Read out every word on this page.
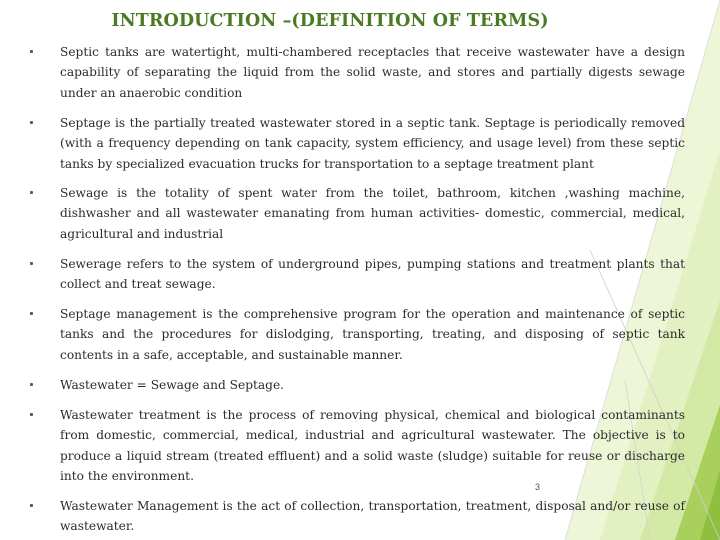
INTRODUCTION –(DEFINITION OF TERMS)
Septic tanks are watertight, multi-chambered receptacles that receive wastewater have a design capability of separating the liquid from the solid waste, and stores and partially digests sewage under an anaerobic condition
Septage is the partially treated wastewater stored in a septic tank. Septage is periodically removed (with a frequency depending on tank capacity, system efficiency, and usage level) from these septic tanks by specialized evacuation trucks for transportation to a septage treatment plant
Sewage is the totality of spent water from the toilet, bathroom, kitchen ,washing machine, dishwasher and all wastewater emanating from human activities- domestic, commercial, medical, agricultural and industrial
Sewerage refers to the system of underground pipes, pumping stations and treatment plants that collect and treat sewage.
Septage management is the comprehensive program for the operation and maintenance of septic tanks and the procedures for dislodging, transporting, treating, and disposing of septic tank contents in a safe, acceptable, and sustainable manner.
Wastewater = Sewage and Septage.
Wastewater treatment is the process of removing physical, chemical and biological contaminants from domestic, commercial, medical, industrial and agricultural wastewater. The objective is to produce a liquid stream (treated effluent) and a solid waste (sludge) suitable for reuse or discharge into the environment.
Wastewater Management is the act of collection, transportation, treatment, disposal and/or reuse of wastewater.
3
